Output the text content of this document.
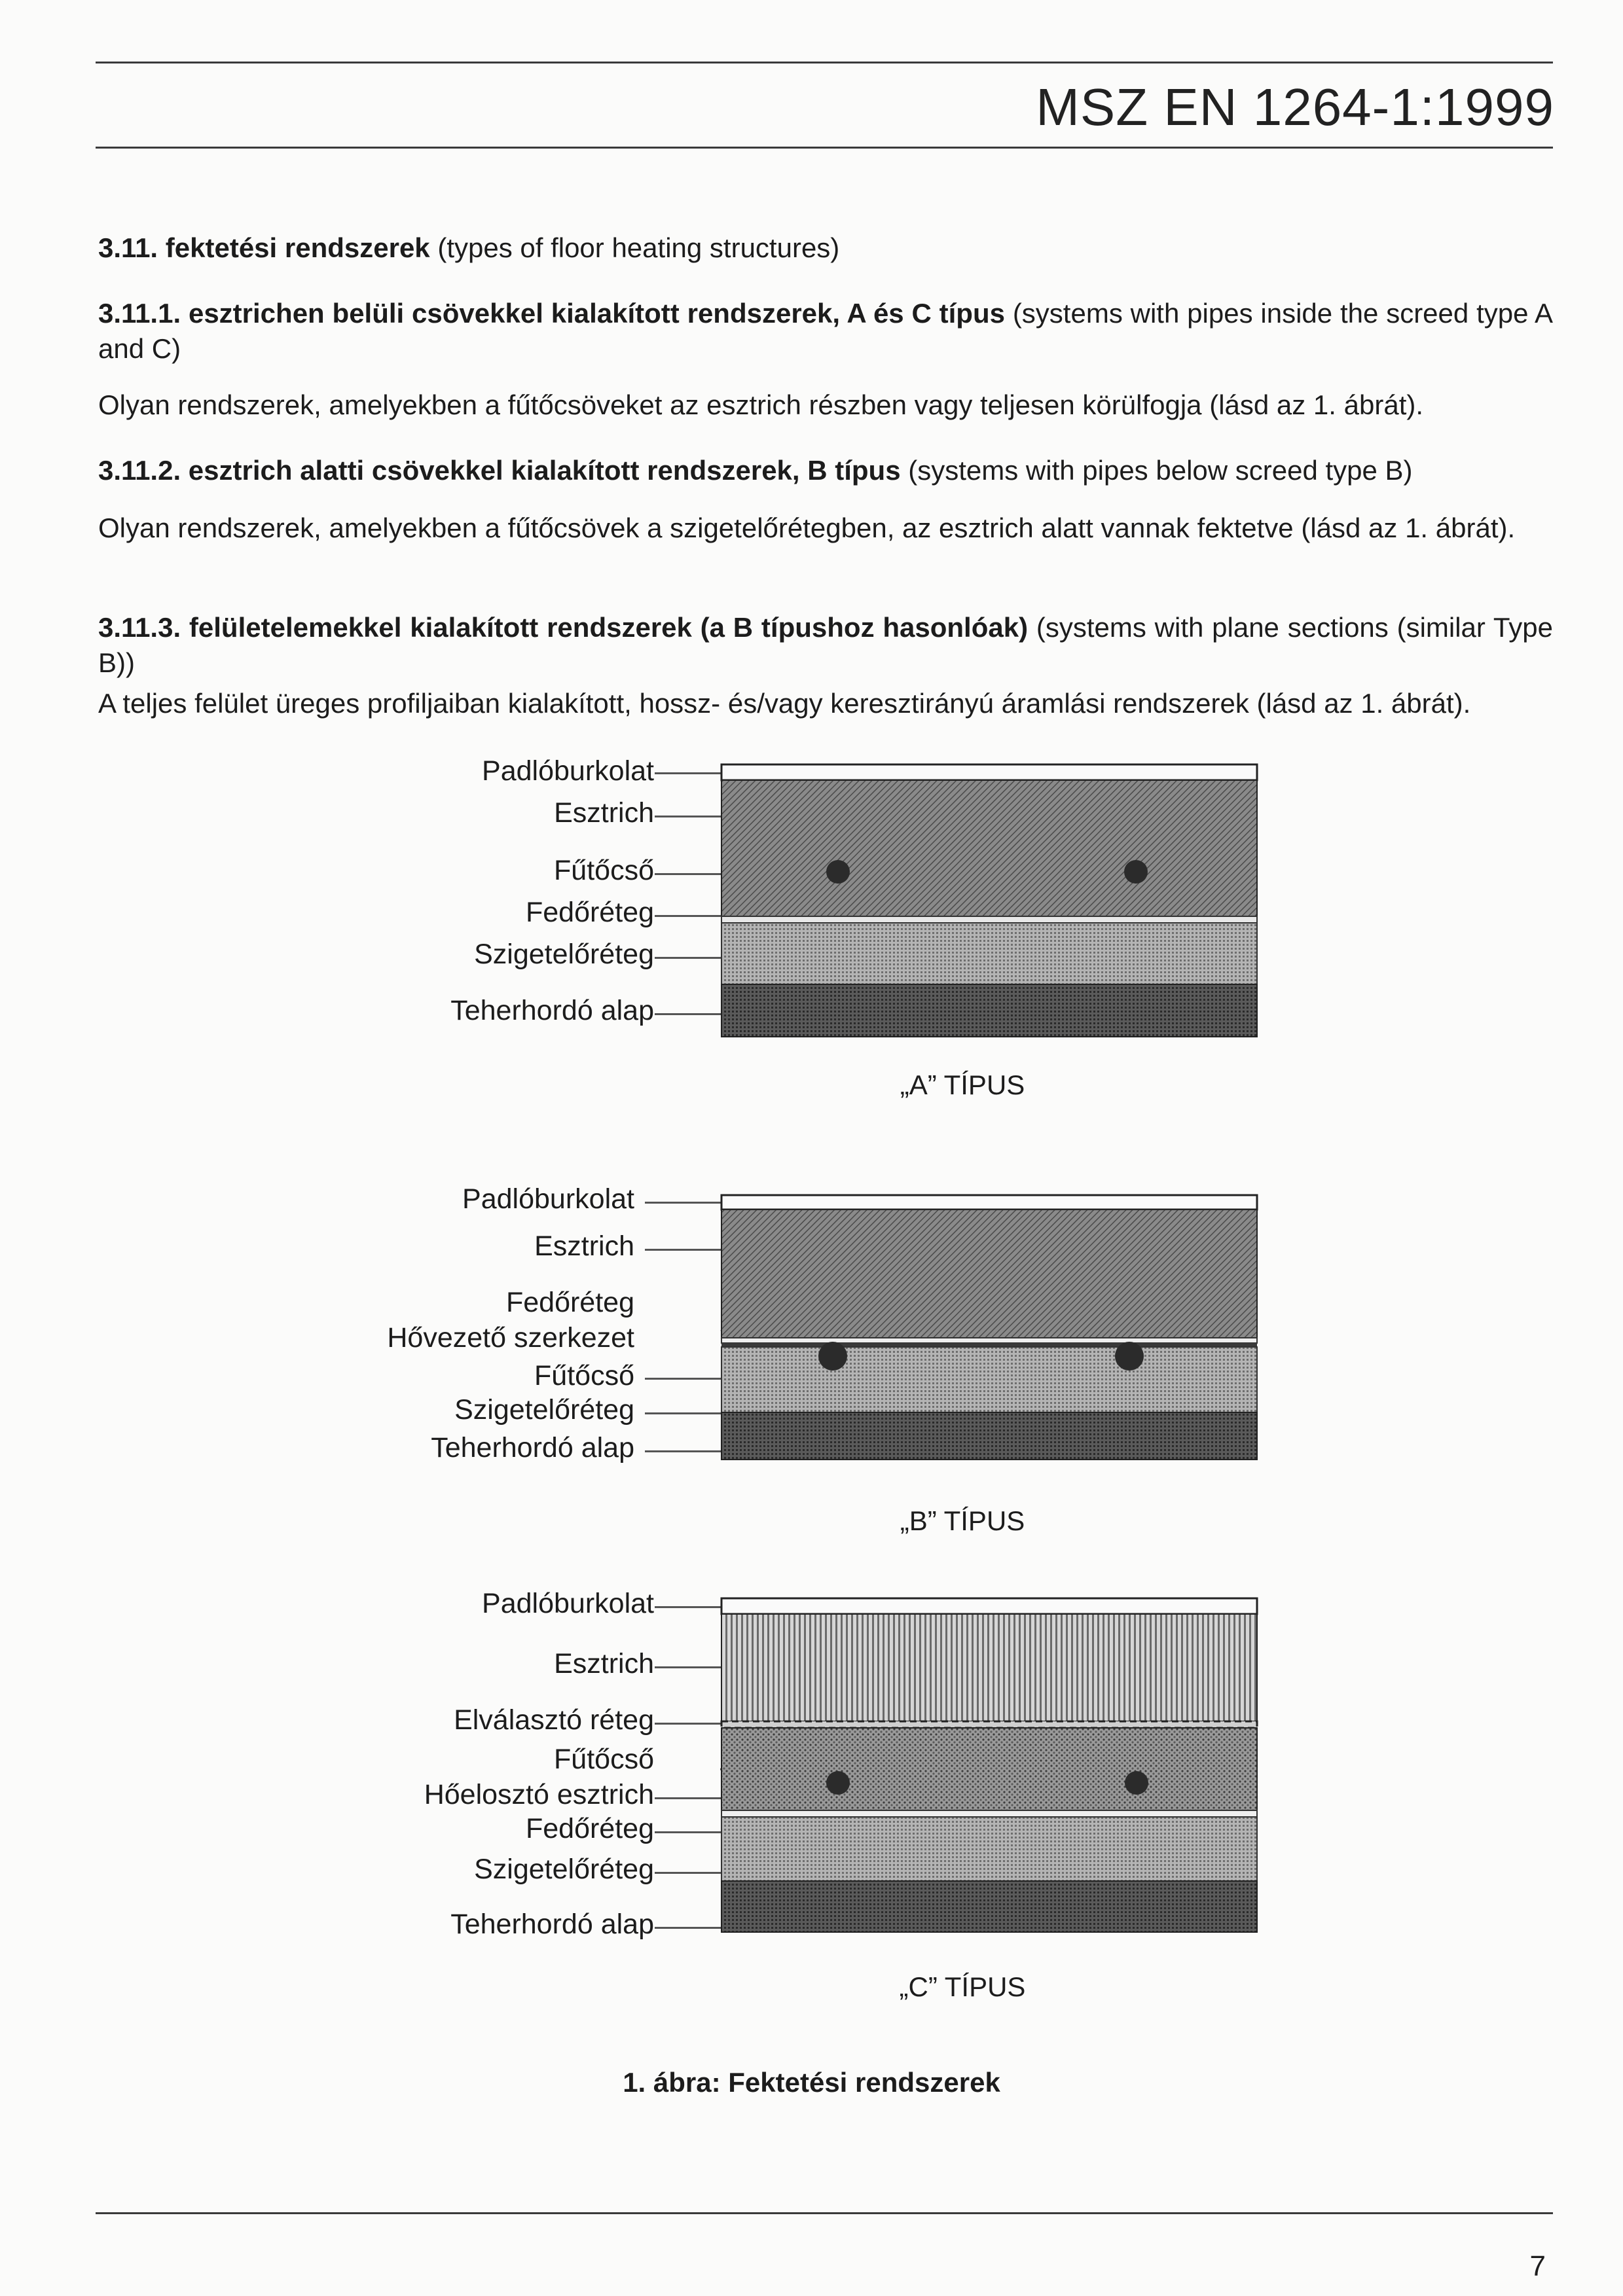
MSZ EN 1264-1:1999
3.11. fektetési rendszerek (types of floor heating structures)
3.11.1. esztrichen belüli csövekkel kialakított rendszerek, A és C típus (systems with pipes inside the screed type A and C)
Olyan rendszerek, amelyekben a fűtőcsöveket az esztrich részben vagy teljesen körülfogja (lásd az 1. ábrát).
3.11.2. esztrich alatti csövekkel kialakított rendszerek, B típus (systems with pipes below screed type B)
Olyan rendszerek, amelyekben a fűtőcsövek a szigetelőrétegben, az esztrich alatt vannak fektetve (lásd az 1. ábrát).
3.11.3. felületelemekkel kialakított rendszerek (a B típushoz hasonlóak) (systems with plane sections (similar Type B))
A teljes felület üreges profiljaiban kialakított, hossz- és/vagy keresztirányú áramlási rendszerek (lásd az 1. ábrát).
Padlóburkolat
Esztrich
Fűtőcső
Fedőréteg
Szigetelőréteg
Teherhordó alap
„A” TÍPUS
Padlóburkolat
Esztrich
Fedőréteg
Hővezető szerkezet
Fűtőcső
Szigetelőréteg
Teherhordó alap
„B” TÍPUS
Padlóburkolat
Esztrich
Elválasztó réteg
Fűtőcső
Hőelosztó esztrich
Fedőréteg
Szigetelőréteg
Teherhordó alap
„C” TÍPUS
1. ábra: Fektetési rendszerek
7
